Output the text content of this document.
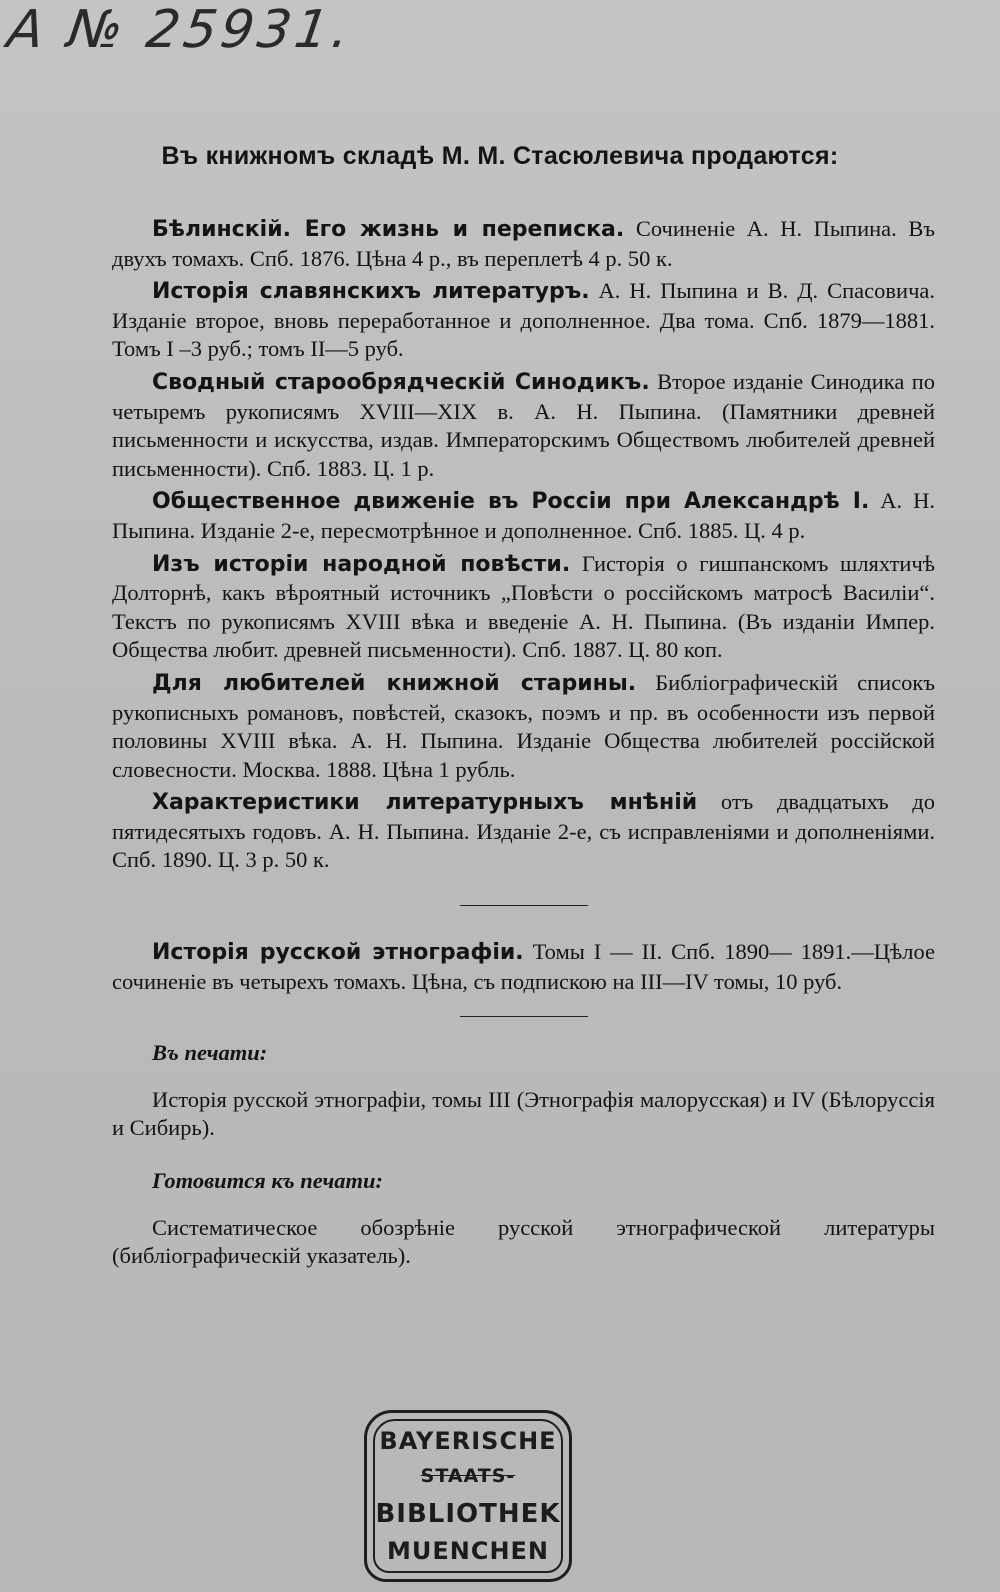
A № 25931.
Въ книжномъ складѣ М. М. Стасюлевича продаются:

Бѣлинскій. Его жизнь и переписка. Сочиненіе А. Н. Пыпина. Въ двухъ томахъ. Спб. 1876. Цѣна 4 р., въ переплетѣ 4 р. 50 к.

Исторія славянскихъ литературъ. А. Н. Пыпина и В. Д. Спасовича. Изданіе второе, вновь переработанное и дополненное. Два тома. Спб. 1879—1881. Томъ I –3 руб.; томъ II—5 руб.

Сводный старообрядческій Синодикъ. Второе изданіе Синодика по четыремъ рукописямъ XVIII—XIX в. А. Н. Пыпина. (Памятники древней письменности и искусства, издав. Императорскимъ Обществомъ любителей древней письменности). Спб. 1883. Ц. 1 р.

Общественное движеніе въ Россіи при Александрѣ I. А. Н. Пыпина. Изданіе 2-е, пересмотрѣнное и дополненное. Спб. 1885. Ц. 4 р.

Изъ исторіи народной повѣсти. Гисторія о гишпанскомъ шляхтичѣ Долторнѣ, какъ вѣроятный источникъ „Повѣсти о россійскомъ матросѣ Василіи“. Текстъ по рукописямъ XVIII вѣка и введеніе А. Н. Пыпина. (Въ изданіи Импер. Общества любит. древней письменности). Спб. 1887. Ц. 80 коп.

Для любителей книжной старины. Библіографическій списокъ рукописныхъ романовъ, повѣстей, сказокъ, поэмъ и пр. въ особенности изъ первой половины XVIII вѣка. А. Н. Пыпина. Изданіе Общества любителей россійской словесности. Москва. 1888. Цѣна 1 рубль.

Характеристики литературныхъ мнѣній отъ двадцатыхъ до пятидесятыхъ годовъ. А. Н. Пыпина. Изданіе 2-е, съ исправленіями и дополненіями. Спб. 1890. Ц. 3 р. 50 к.

Исторія русской этнографіи. Томы I — II. Спб. 1890— 1891.—Цѣлое сочиненіе въ четырехъ томахъ. Цѣна, съ подпискою на III—IV томы, 10 руб.

Въ печати:

Исторія русской этнографіи, томы III (Этнографія малорусская) и IV (Бѣлоруссія и Сибирь).

Готовится къ печати:

Систематическое обозрѣніе русской этнографической литературы (библіографическій указатель).

BAYERISCHE
STAATS-
BIBLIOTHEK
MUENCHEN
